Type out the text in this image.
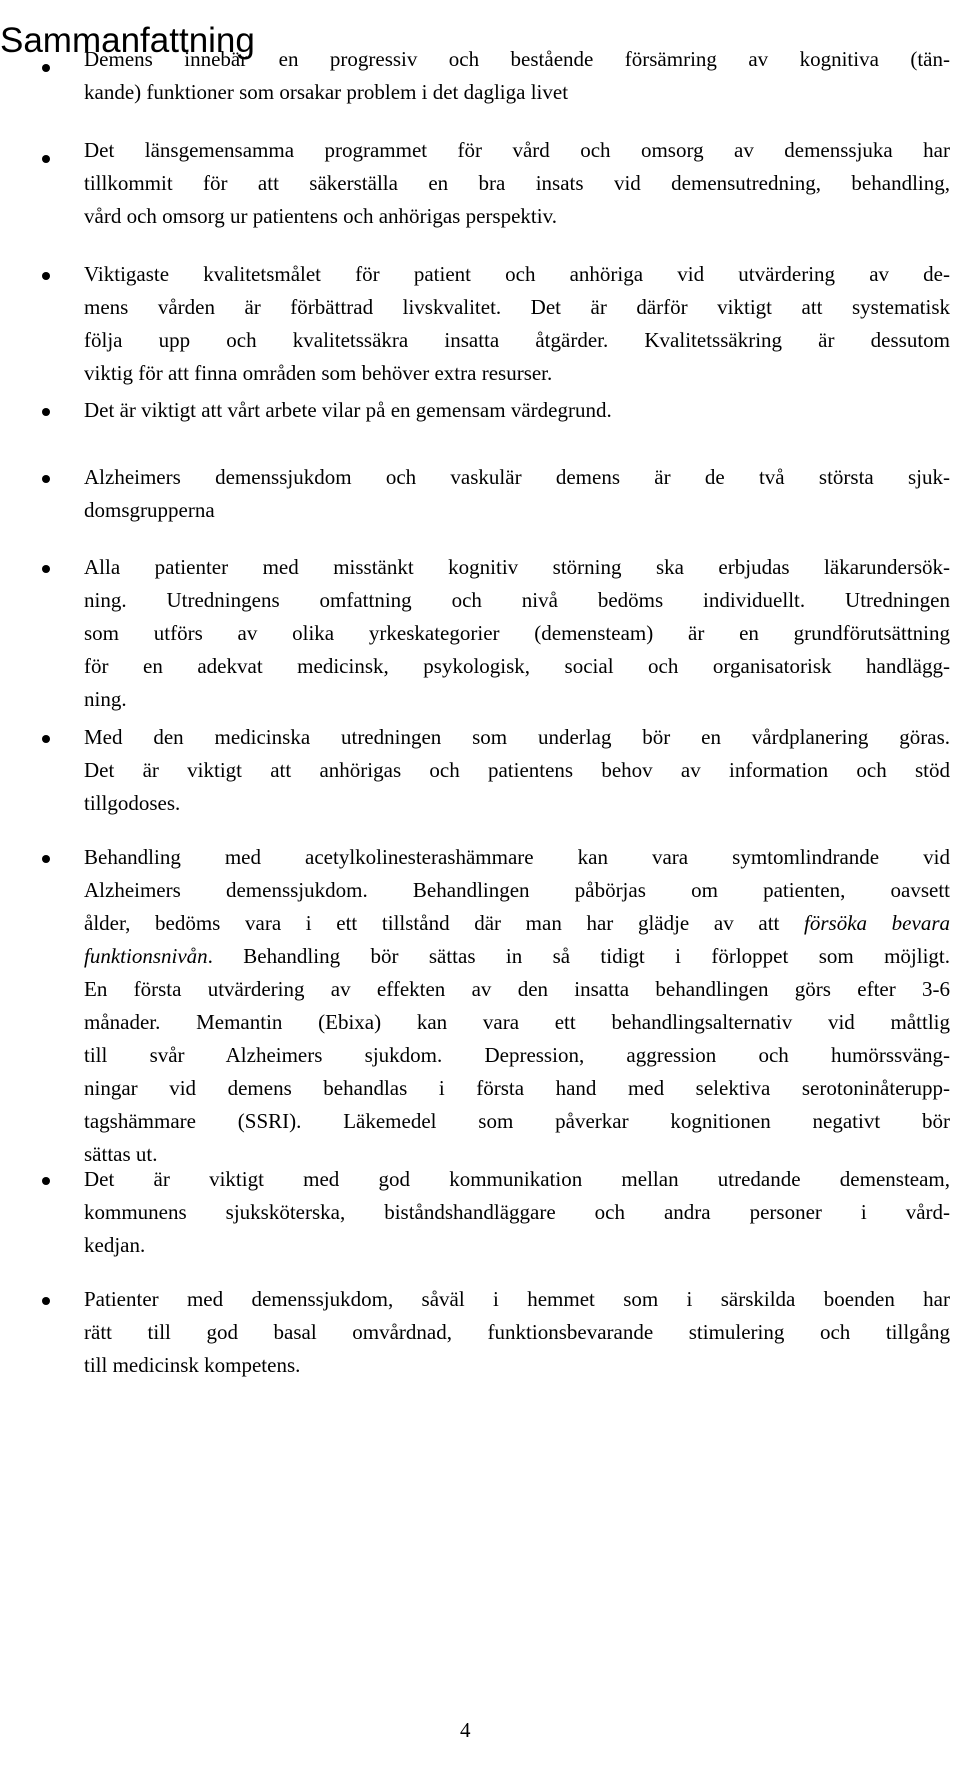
Sammanfattning
Demens innebär en progressiv och bestående försämring av kognitiva (tän-
kande) funktioner som orsakar problem i det dagliga livet
Det länsgemensamma programmet för vård och omsorg av demenssjuka har
tillkommit för att säkerställa en bra insats vid demensutredning, behandling,
vård och omsorg ur patientens och anhörigas perspektiv.
Viktigaste kvalitetsmålet för patient och anhöriga vid utvärdering av de-
mens vården är förbättrad livskvalitet. Det är därför viktigt att systematisk
följa upp och kvalitetssäkra insatta åtgärder. Kvalitetssäkring är dessutom
viktig för att finna områden som behöver extra resurser.
Det är viktigt att vårt arbete vilar på en gemensam värdegrund.
Alzheimers demenssjukdom och vaskulär demens är de två största sjuk-
domsgrupperna
Alla patienter med misstänkt kognitiv störning ska erbjudas läkarundersök-
ning. Utredningens omfattning och nivå bedöms individuellt. Utredningen
som utförs av olika yrkeskategorier (demensteam) är en grundförutsättning
för en adekvat medicinsk, psykologisk, social och organisatorisk handlägg-
ning.
Med den medicinska utredningen som underlag bör en vårdplanering göras.
Det är viktigt att anhörigas och patientens behov av information och stöd
tillgodoses.
Behandling med acetylkolinesterashämmare kan vara symtomlindrande vid
Alzheimers demenssjukdom. Behandlingen påbörjas om patienten, oavsett
ålder, bedöms vara i ett tillstånd där man har glädje av att försöka bevara
funktionsnivån. Behandling bör sättas in så tidigt i förloppet som möjligt.
En första utvärdering av effekten av den insatta behandlingen görs efter 3-6
månader. Memantin (Ebixa) kan vara ett behandlingsalternativ vid måttlig
till svår Alzheimers sjukdom. Depression, aggression och humörssväng-
ningar vid demens behandlas i första hand med selektiva serotoninåterupp-
tagshämmare (SSRI). Läkemedel som påverkar kognitionen negativt bör
sättas ut.
Det är viktigt med god kommunikation mellan utredande demensteam,
kommunens sjuksköterska, biståndshandläggare och andra personer i vård-
kedjan.
Patienter med demenssjukdom, såväl i hemmet som i särskilda boenden har
rätt till god basal omvårdnad, funktionsbevarande stimulering och tillgång
till medicinsk kompetens.
4
